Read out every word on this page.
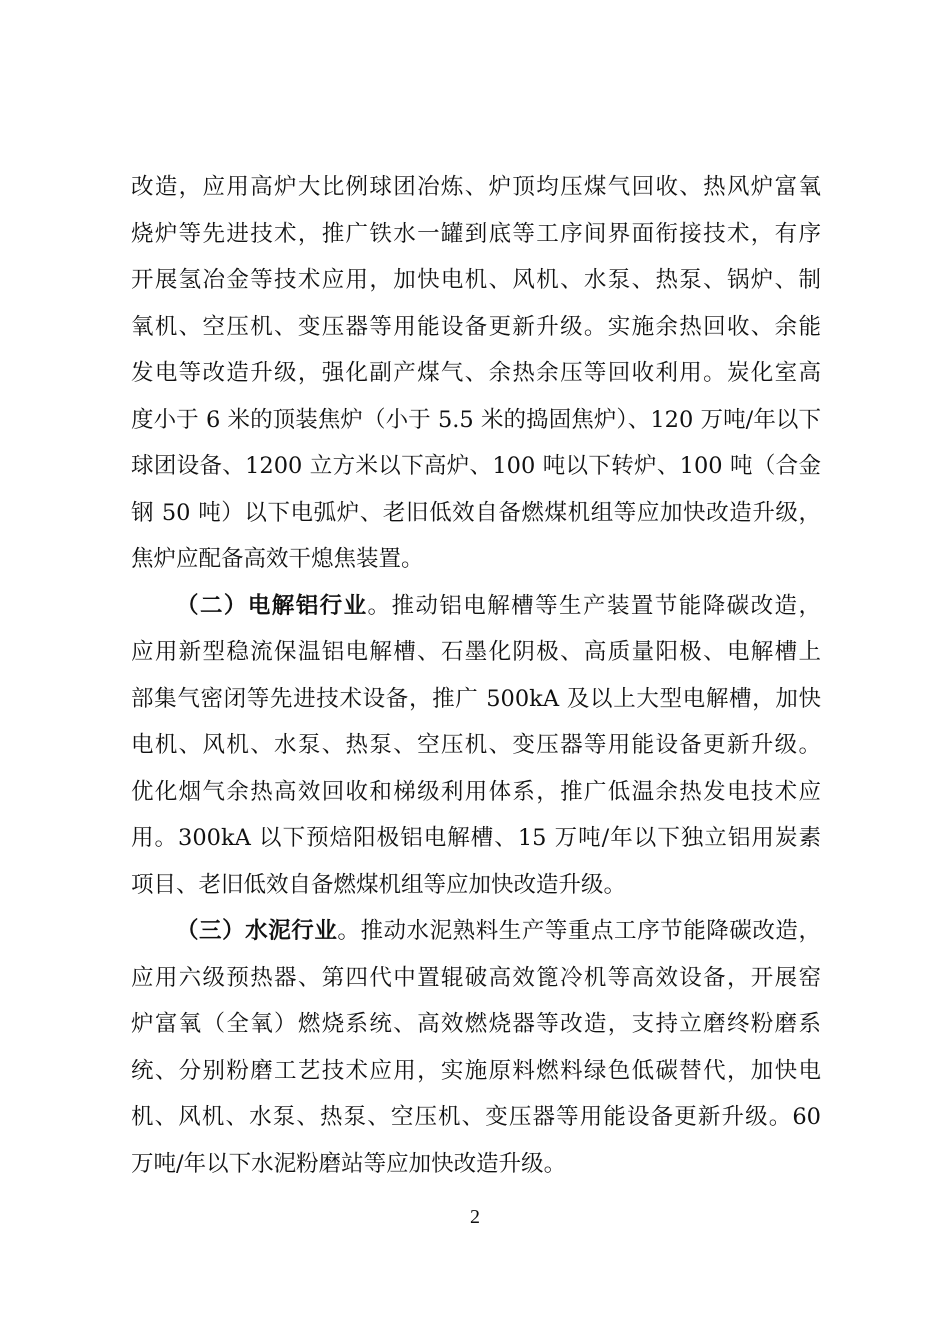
改造，应用高炉大比例球团冶炼、炉顶均压煤气回收、热风炉富氧
烧炉等先进技术，推广铁水一罐到底等工序间界面衔接技术，有序
开展氢冶金等技术应用，加快电机、风机、水泵、热泵、锅炉、制
氧机、空压机、变压器等用能设备更新升级。实施余热回收、余能
发电等改造升级，强化副产煤气、余热余压等回收利用。炭化室高
度小于 6 米的顶装焦炉（小于 5.5 米的捣固焦炉）、120 万吨/年以下
球团设备、1200 立方米以下高炉、100 吨以下转炉、100 吨（合金
钢 50 吨）以下电弧炉、老旧低效自备燃煤机组等应加快改造升级，
焦炉应配备高效干熄焦装置。
（二）电解铝行业。推动铝电解槽等生产装置节能降碳改造，
应用新型稳流保温铝电解槽、石墨化阴极、高质量阳极、电解槽上
部集气密闭等先进技术设备，推广 500kA 及以上大型电解槽，加快
电机、风机、水泵、热泵、空压机、变压器等用能设备更新升级。
优化烟气余热高效回收和梯级利用体系，推广低温余热发电技术应
用。300kA 以下预焙阳极铝电解槽、15 万吨/年以下独立铝用炭素
项目、老旧低效自备燃煤机组等应加快改造升级。
（三）水泥行业。推动水泥熟料生产等重点工序节能降碳改造，
应用六级预热器、第四代中置辊破高效篦冷机等高效设备，开展窑
炉富氧（全氧）燃烧系统、高效燃烧器等改造，支持立磨终粉磨系
统、分别粉磨工艺技术应用，实施原料燃料绿色低碳替代，加快电
机、风机、水泵、热泵、空压机、变压器等用能设备更新升级。60
万吨/年以下水泥粉磨站等应加快改造升级。
2
